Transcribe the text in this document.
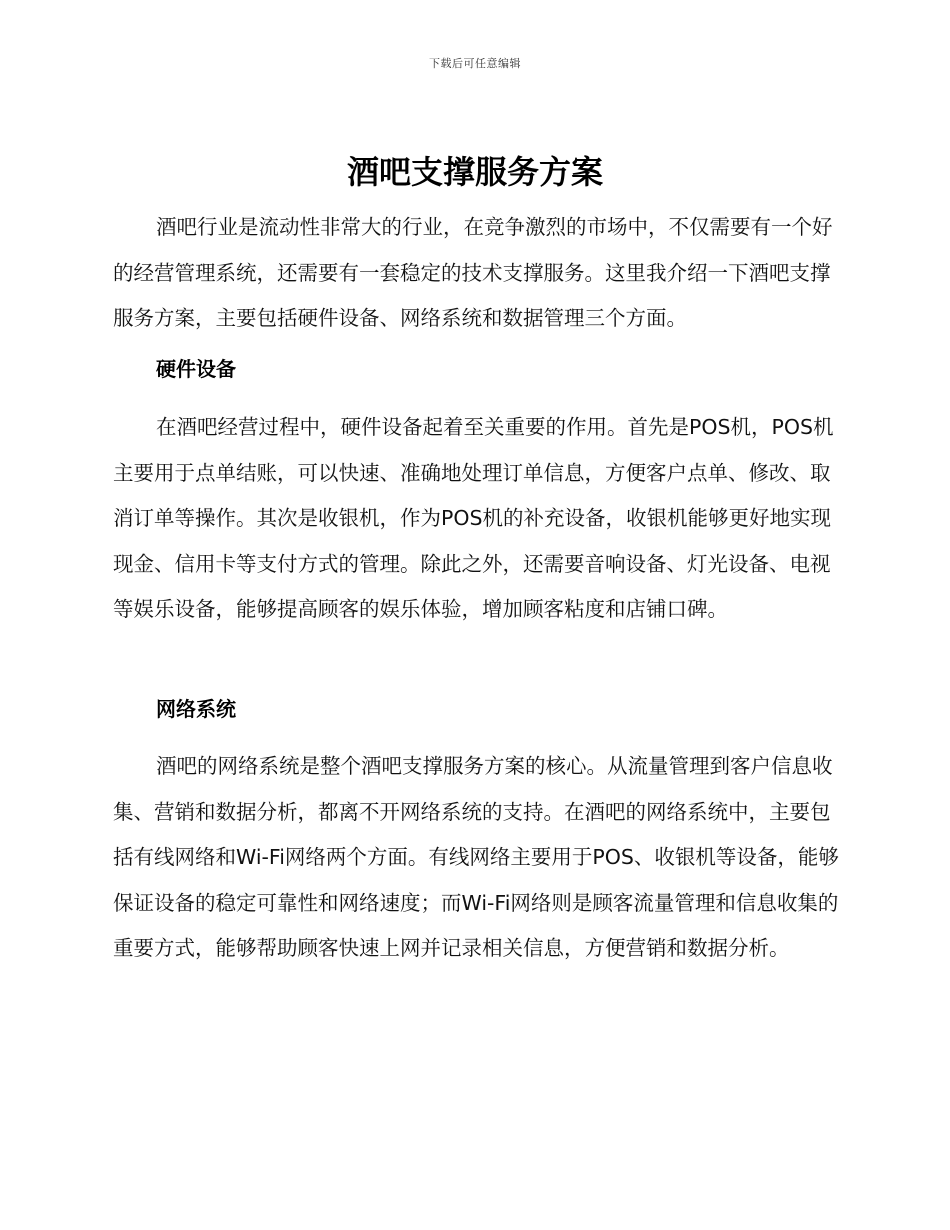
下载后可任意编辑
酒吧支撑服务方案

酒吧行业是流动性非常大的行业，在竞争激烈的市场中，不仅需要有一个好的经营管理系统，还需要有一套稳定的技术支撑服务。这里我介绍一下酒吧支撑服务方案，主要包括硬件设备、网络系统和数据管理三个方面。

硬件设备

在酒吧经营过程中，硬件设备起着至关重要的作用。首先是POS机，POS机主要用于点单结账，可以快速、准确地处理订单信息，方便客户点单、修改、取消订单等操作。其次是收银机，作为POS机的补充设备，收银机能够更好地实现现金、信用卡等支付方式的管理。除此之外，还需要音响设备、灯光设备、电视等娱乐设备，能够提高顾客的娱乐体验，增加顾客粘度和店铺口碑。

网络系统

酒吧的网络系统是整个酒吧支撑服务方案的核心。从流量管理到客户信息收集、营销和数据分析，都离不开网络系统的支持。在酒吧的网络系统中，主要包括有线网络和Wi-Fi网络两个方面。有线网络主要用于POS、收银机等设备，能够保证设备的稳定可靠性和网络速度；而Wi-Fi网络则是顾客流量管理和信息收集的重要方式，能够帮助顾客快速上网并记录相关信息，方便营销和数据分析。
